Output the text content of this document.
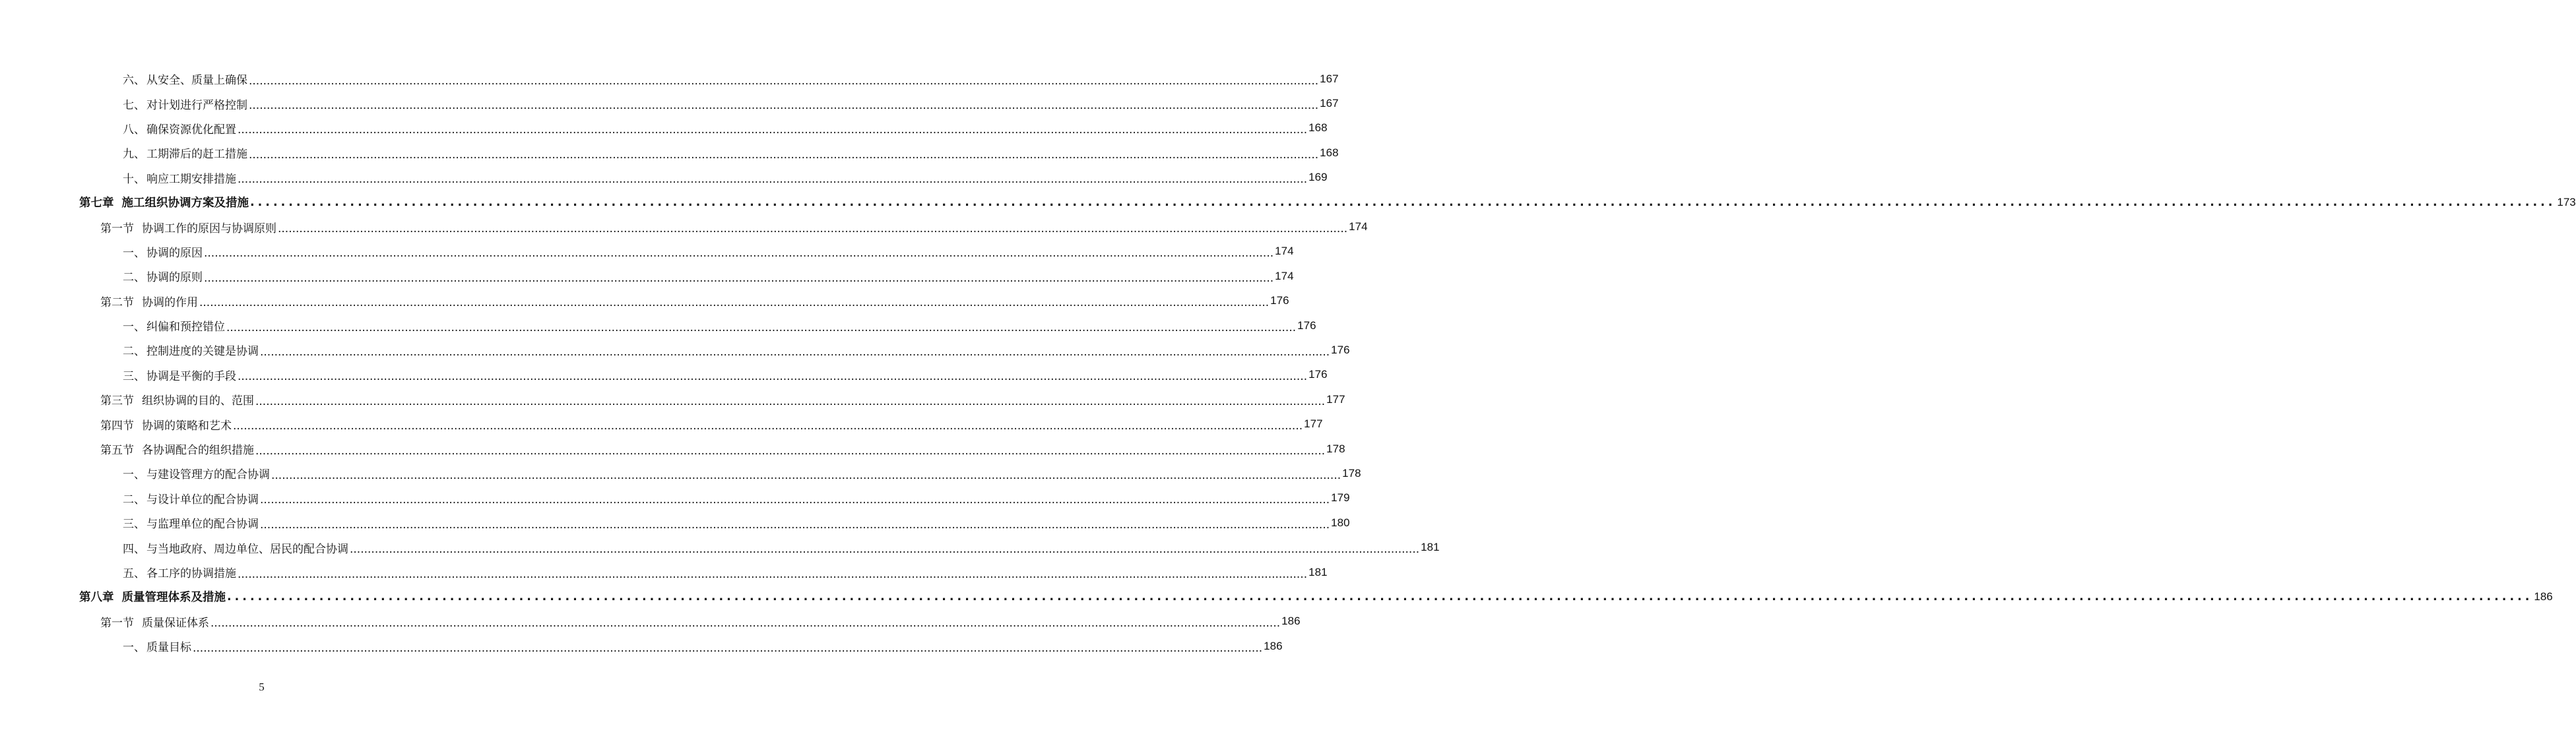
六、 从安全、质量上确保 ............................................................................................................................................................................................................................................................................................................ 167
七、 对计划进行严格控制 ............................................................................................................................................................................................................................................................................................................ 167
八、 确保资源优化配置 ............................................................................................................................................................................................................................................................................................................ 168
九、 工期滞后的赶工措施 ............................................................................................................................................................................................................................................................................................................ 168
十、 响应工期安排措施 ............................................................................................................................................................................................................................................................................................................ 169
第七章 施工组织协调方案及措施 ............................................................................................................................................................................................................................................................................................................ 173
第一节 协调工作的原因与协调原则 ............................................................................................................................................................................................................................................................................................................ 174
一、 协调的原因 ............................................................................................................................................................................................................................................................................................................ 174
二、 协调的原则 ............................................................................................................................................................................................................................................................................................................ 174
第二节 协调的作用 ............................................................................................................................................................................................................................................................................................................ 176
一、 纠偏和预控错位 ............................................................................................................................................................................................................................................................................................................ 176
二、 控制进度的关键是协调 ............................................................................................................................................................................................................................................................................................................ 176
三、 协调是平衡的手段 ............................................................................................................................................................................................................................................................................................................ 176
第三节 组织协调的目的、范围 ............................................................................................................................................................................................................................................................................................................ 177
第四节 协调的策略和艺术 ............................................................................................................................................................................................................................................................................................................ 177
第五节 各协调配合的组织措施 ............................................................................................................................................................................................................................................................................................................ 178
一、 与建设管理方的配合协调 ............................................................................................................................................................................................................................................................................................................ 178
二、 与设计单位的配合协调 ............................................................................................................................................................................................................................................................................................................ 179
三、 与监理单位的配合协调 ............................................................................................................................................................................................................................................................................................................ 180
四、 与当地政府、周边单位、居民的配合协调 ............................................................................................................................................................................................................................................................................................................ 181
五、 各工序的协调措施 ............................................................................................................................................................................................................................................................................................................ 181
第八章 质量管理体系及措施 ............................................................................................................................................................................................................................................................................................................ 186
第一节 质量保证体系 ............................................................................................................................................................................................................................................................................................................ 186
一、 质量目标 ............................................................................................................................................................................................................................................................................................................ 186
5
